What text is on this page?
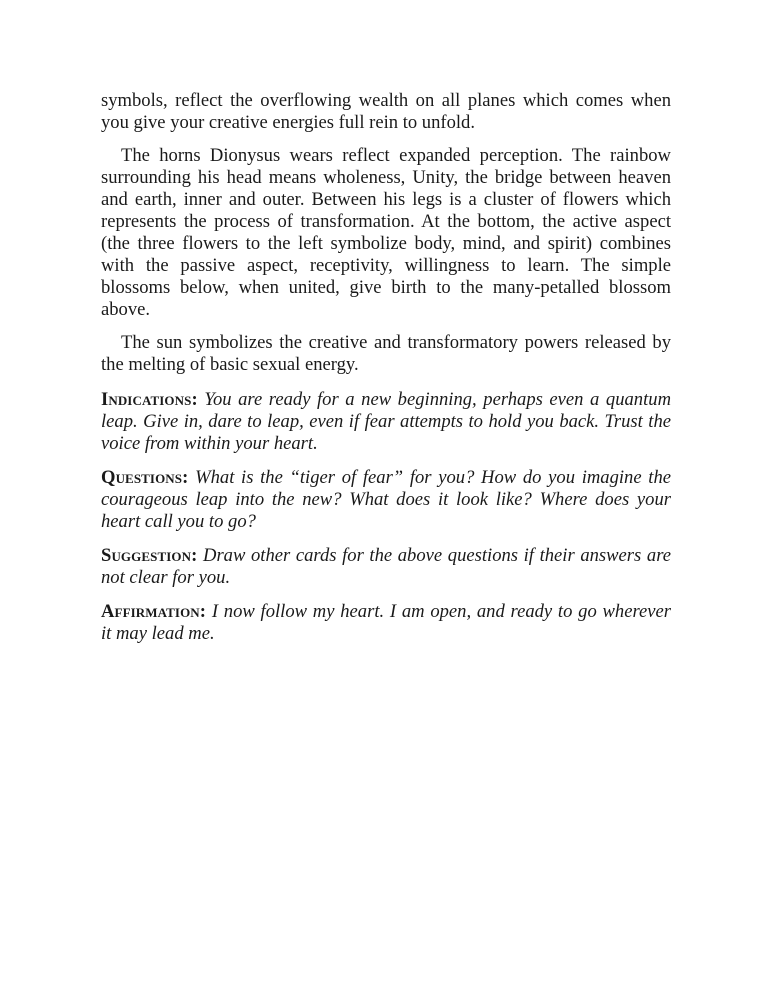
symbols, reflect the overflowing wealth on all planes which comes when you give your creative energies full rein to unfold.

The horns Dionysus wears reflect expanded perception. The rainbow surrounding his head means wholeness, Unity, the bridge between heaven and earth, inner and outer. Between his legs is a cluster of flowers which represents the process of transformation. At the bottom, the active aspect (the three flowers to the left symbolize body, mind, and spirit) combines with the passive aspect, receptivity, willingness to learn. The simple blossoms below, when united, give birth to the many-petalled blossom above.

The sun symbolizes the creative and transformatory powers released by the melting of basic sexual energy.

Indications: You are ready for a new beginning, perhaps even a quantum leap. Give in, dare to leap, even if fear attempts to hold you back. Trust the voice from within your heart.

Questions: What is the “tiger of fear” for you? How do you imagine the courageous leap into the new? What does it look like? Where does your heart call you to go?

Suggestion: Draw other cards for the above questions if their answers are not clear for you.

Affirmation: I now follow my heart. I am open, and ready to go wherever it may lead me.
